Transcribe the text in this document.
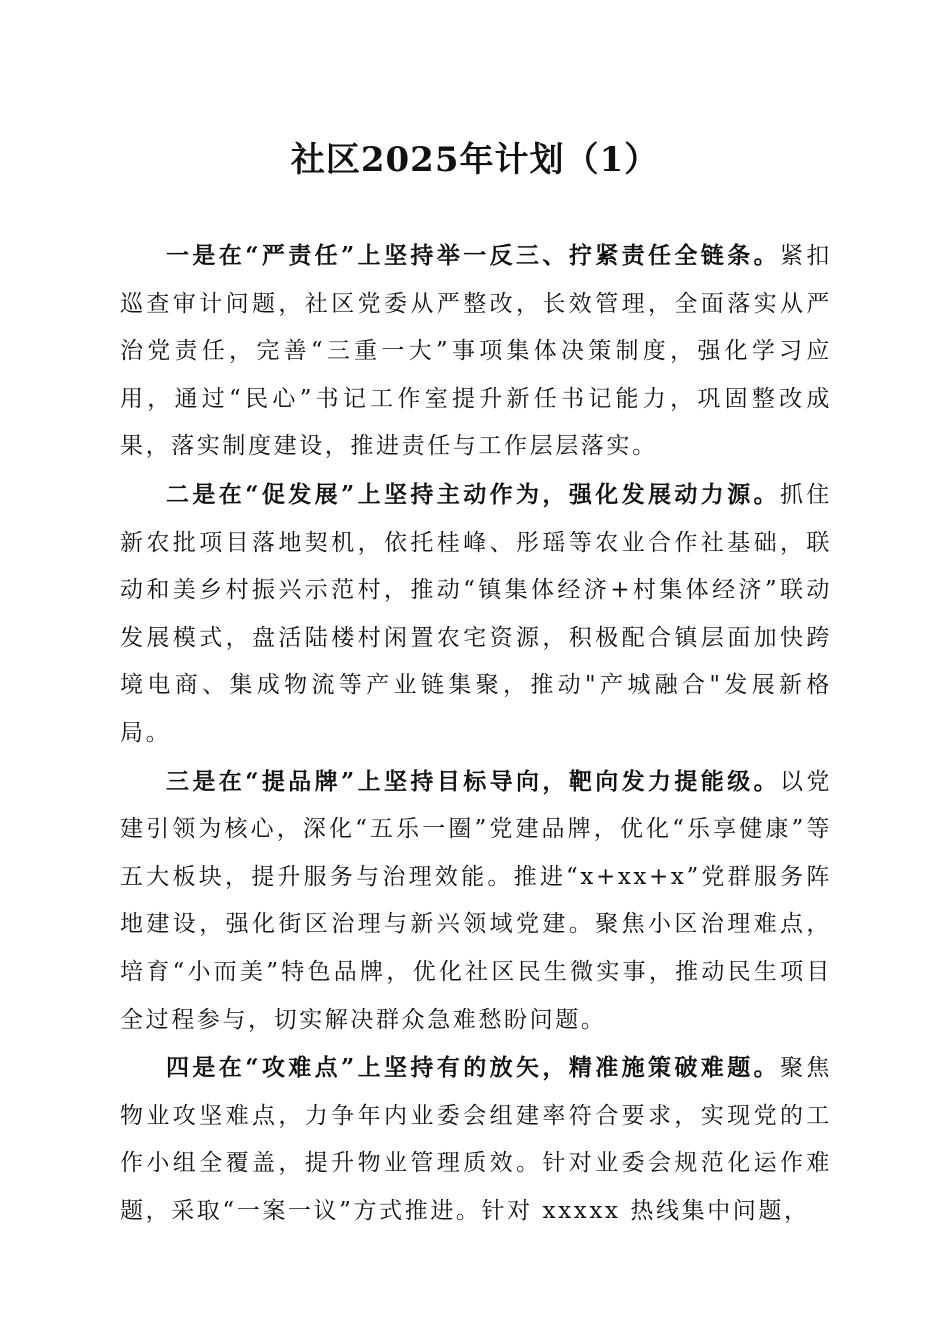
社区2025年计划（1）

一是在“严责任”上坚持举一反三、拧紧责任全链条。紧扣巡查审计问题，社区党委从严整改，长效管理，全面落实从严治党责任，完善“三重一大”事项集体决策制度，强化学习应用，通过“民心”书记工作室提升新任书记能力，巩固整改成果，落实制度建设，推进责任与工作层层落实。

二是在“促发展”上坚持主动作为，强化发展动力源。抓住新农批项目落地契机，依托桂峰、彤瑶等农业合作社基础，联动和美乡村振兴示范村，推动“镇集体经济+村集体经济”联动发展模式，盘活陆楼村闲置农宅资源，积极配合镇层面加快跨境电商、集成物流等产业链集聚，推动"产城融合"发展新格局。

三是在“提品牌”上坚持目标导向，靶向发力提能级。以党建引领为核心，深化“五乐一圈”党建品牌，优化“乐享健康”等五大板块，提升服务与治理效能。推进“x+xx+x”党群服务阵地建设，强化街区治理与新兴领域党建。聚焦小区治理难点，培育“小而美”特色品牌，优化社区民生微实事，推动民生项目全过程参与，切实解决群众急难愁盼问题。

四是在“攻难点”上坚持有的放矢，精准施策破难题。聚焦物业攻坚难点，力争年内业委会组建率符合要求，实现党的工作小组全覆盖，提升物业管理质效。针对业委会规范化运作难题，采取“一案一议”方式推进。针对 xxxxx 热线集中问题，
